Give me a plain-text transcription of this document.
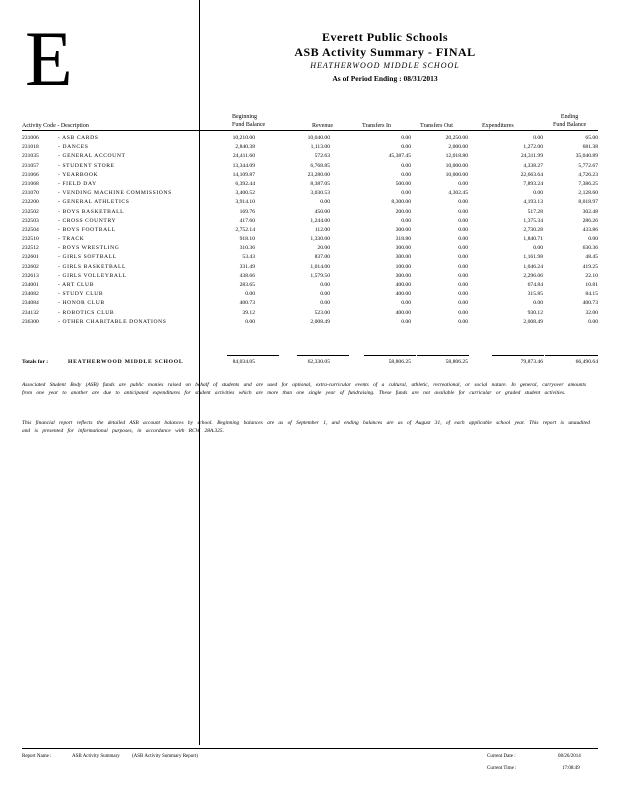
E	Everett Public Schools
ASB Activity Summary - FINAL
HEATHERWOOD MIDDLE SCHOOL
As of Period Ending : 08/31/2013
Activity Code - Description
Beginning
Fund Balance	Revenue	Transfers In	Transfers Out	Expenditures
Ending
Fund Balance
231006	- ASB CARDS	10,210.00	10,040.00	0.00	20,250.00	0.00	65.00
231018	- DANCES	2,840.38	1,113.00	0.00	2,000.00	1,272.00	681.38
231035	- GENERAL ACCOUNT	24,411.60	572.63	45,387.45	12,018.80	24,311.99	35,040.89
231057	- STUDENT STORE	13,344.09	6,768.85	0.00	10,000.00	4,338.27	5,772.67
231066	- YEARBOOK	14,109.87	23,280.00	0.00	10,000.00	22,663.64	4,726.23
231068	- FIELD DAY	6,392.44	8,387.05	500.00	0.00	7,893.24	7,386.25
231070	- VENDING MACHINE COMMISSIONS	3,400.52	3,030.53	0.00	4,302.45	0.00	2,128.60
232200	- GENERAL ATHLETICS	3,914.10	0.00	8,300.00	0.00	4,193.13	8,018.97
232502	- BOYS BASKETBALL	169.76	450.00	200.00	0.00	517.28	302.48
232503	- CROSS COUNTRY	417.60	1,244.00	0.00	0.00	1,375.34	286.26
232504	- BOYS FOOTBALL	2,752.14	112.00	300.00	0.00	2,730.28	433.86
232510	- TRACK	918.10	1,330.00	318.80	0.00	1,840.71	0.00
232512	- BOYS WRESTLING	310.36	20.00	300.00	0.00	0.00	630.36
232601	- GIRLS SOFTBALL	53.43	837.00	300.00	0.00	1,161.98	48.45
232602	- GIRLS BASKETBALL	331.49	1,014.00	100.00	0.00	1,046.24	419.25
232613	- GIRLS VOLLEYBALL	438.66	1,579.50	300.00	0.00	2,296.06	22.10
234001	- ART CLUB	283.65	0.00	400.00	0.00	674.84	10.81
234082	- STUDY CLUB	0.00	0.00	400.00	0.00	315.85	84.15
234084	- HONOR CLUB	400.73	0.00	0.00	0.00	0.00	400.73
234132	- ROBOTICS CLUB	39.12	523.00	400.00	0.00	930.12	32.00
236300	- OTHER CHARITABLE DONATIONS	0.00	2,008.49	0.00	0.00	2,008.49	0.00
Totals for :	HEATHERWOOD MIDDLE SCHOOL	84,034.05	62,330.05	58,806.25	58,806.25	79,873.46	66,490.64
Associated Student Body (ASB) funds are public monies raised on behalf of students and are used for optional, extra-curricular events of a cultural, athletic, recreational, or social nature. In general, carryover amounts from one year to another are due to anticipated expenditures for student activities which are more than one single year of fundraising. These funds are not available for curricular or graded student activities.
This financial report reflects the detailed ASB account balances by school. Beginning balances are as of September 1, and ending balances are as of August 31, of each applicable school year. This report is unaudited and is presented for informational purposes, in accordance with RCW 28A.325.
Report Name :	ASB Activity Summary (ASB Activity Summary Report)	Current Date :	08/26/2014
Current Time :	17:08:49
